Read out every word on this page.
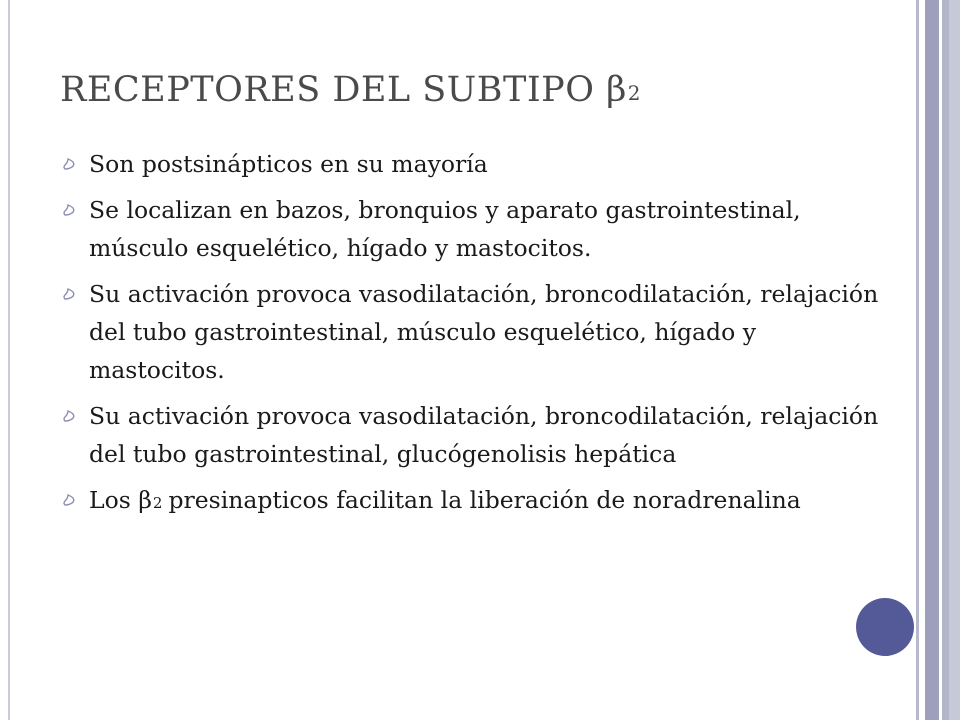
RECEPTORES DEL SUBTIPO β2
Son postsinápticos en su mayoría
Se localizan en bazos, bronquios y aparato gastrointestinal, músculo esquelético, hígado y mastocitos.
Su activación provoca vasodilatación, broncodilatación, relajación del tubo gastrointestinal, músculo esquelético, hígado y mastocitos.
Su activación provoca vasodilatación, broncodilatación, relajación del tubo gastrointestinal, glucógenolisis hepática
Los β2 presinapticos facilitan la liberación de noradrenalina
